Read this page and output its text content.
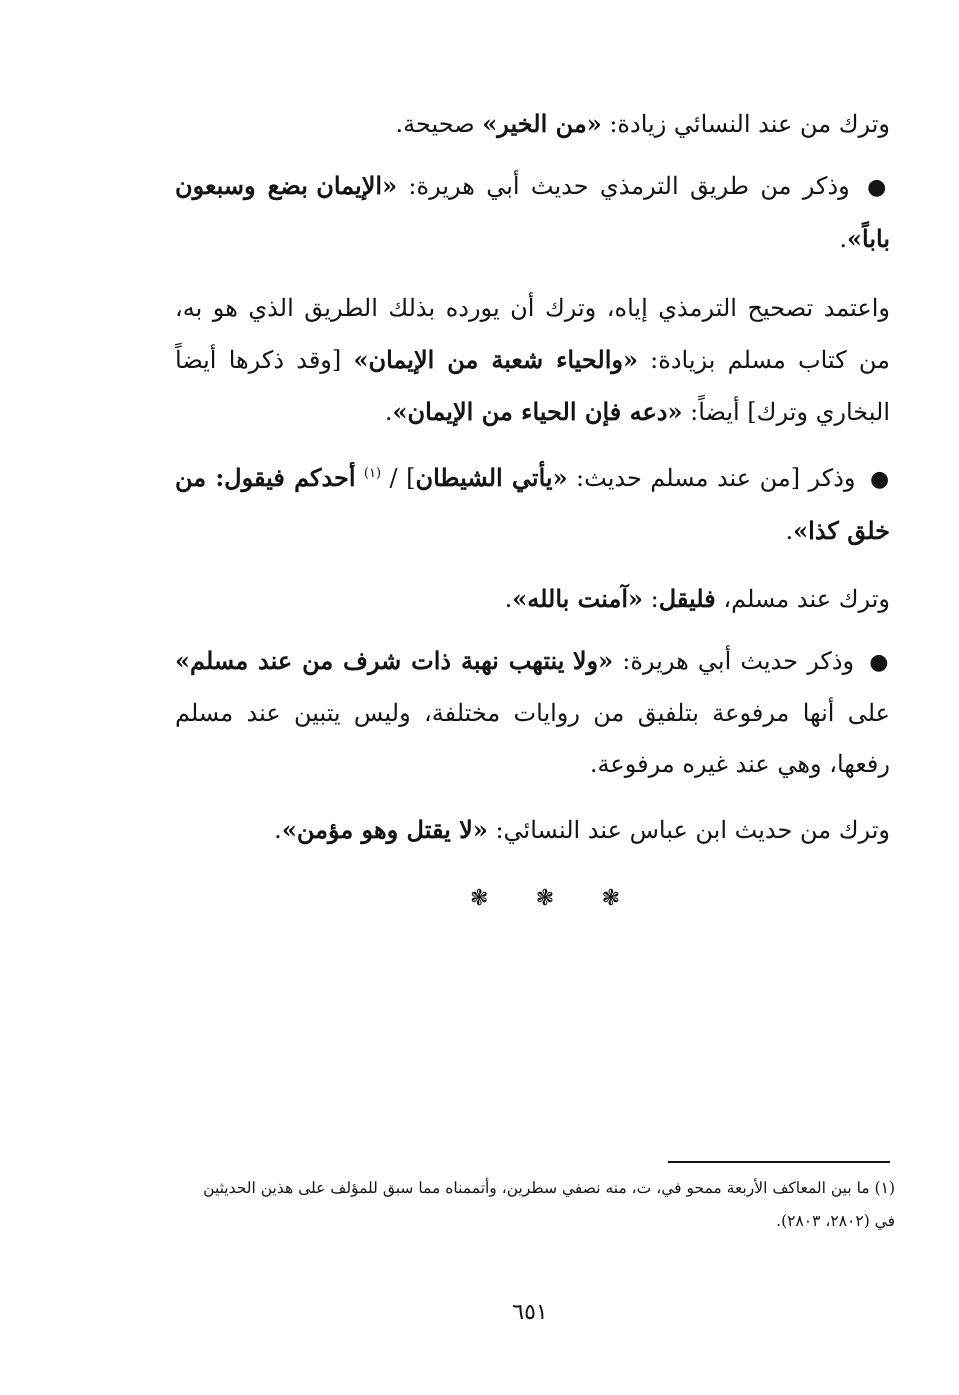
وترك من عند النسائي زيادة: «من الخير» صحيحة.

● وذكر من طريق الترمذي حديث أبي هريرة: «الإيمان بضع وسبعون باباً».

واعتمد تصحيح الترمذي إياه، وترك أن يورده بذلك الطريق الذي هو به، من كتاب مسلم بزيادة: «والحياء شعبة من الإيمان» [وقد ذكرها أيضاً البخاري وترك] أيضاً: «دعه فإن الحياء من الإيمان».

● وذكر [من عند مسلم حديث: «يأتي الشيطان] / $^{(١)}$ أحدكم فيقول: من خلق كذا».

وترك عند مسلم، فليقل: «آمنت بالله».

● وذكر حديث أبي هريرة: «ولا ينتهب نهبة ذات شرف من عند مسلم» على أنها مرفوعة بتلفيق من روايات مختلفة، وليس يتبين عند مسلم رفعها، وهي عند غيره مرفوعة.

وترك من حديث ابن عباس عند النسائي: «لا يقتل وهو مؤمن».

❃ ❃ ❃
(١) ما بين المعاكف الأربعة ممحو في، ت، منه نصفي سطرين، وأتممناه مما سبق للمؤلف على هذين الحديثين في (٢٨٠٢، ٢٨٠٣).
٦٥١
